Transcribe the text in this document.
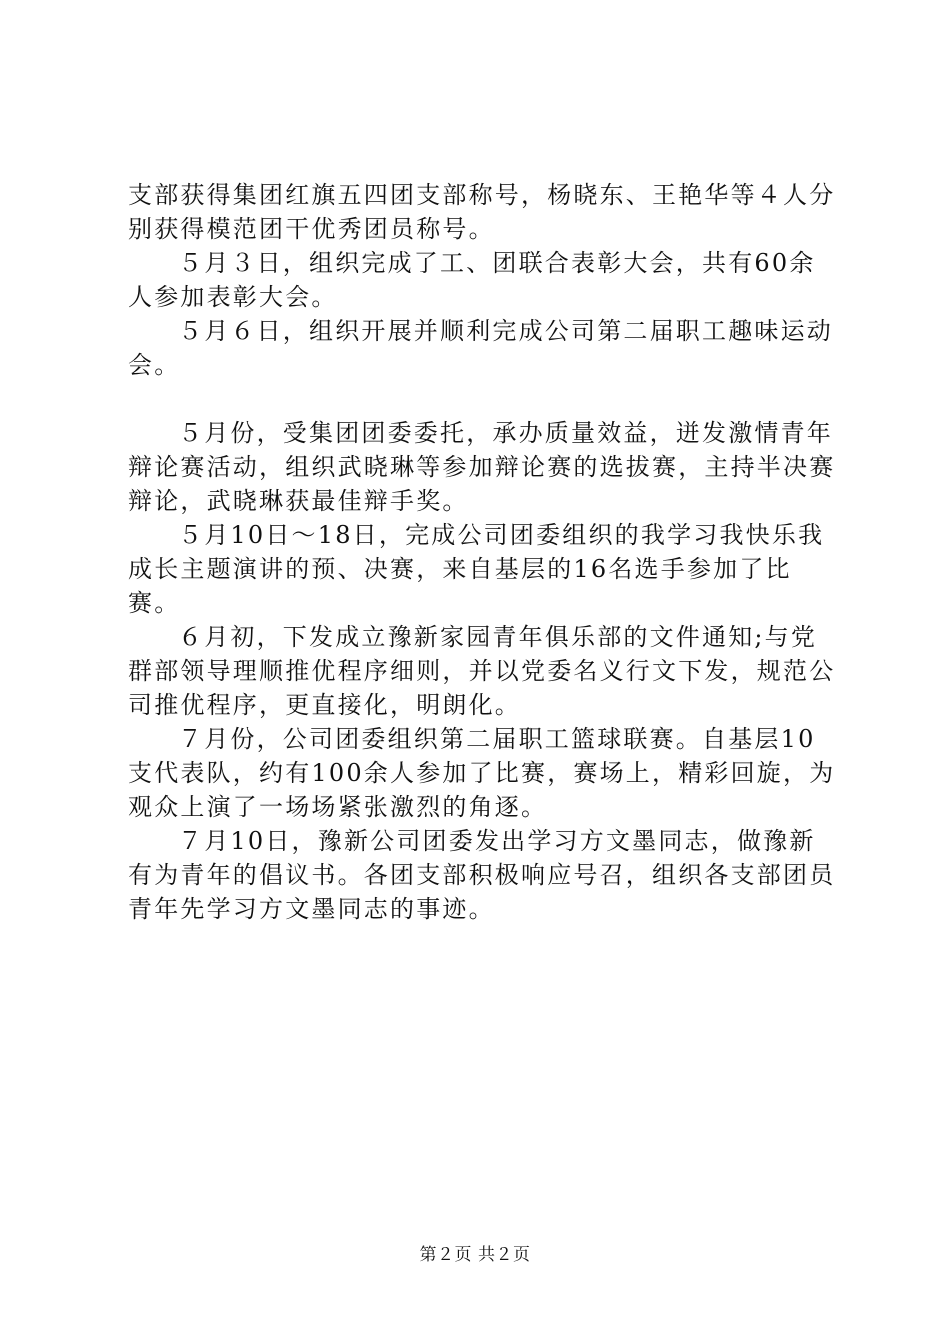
支部获得集团红旗五四团支部称号，杨晓东、王艳华等４人分别获得模范团干优秀团员称号。

５月３日，组织完成了工、团联合表彰大会，共有60余人参加表彰大会。

５月６日，组织开展并顺利完成公司第二届职工趣味运动会。

５月份，受集团团委委托，承办质量效益，迸发激情青年辩论赛活动，组织武晓琳等参加辩论赛的选拔赛，主持半决赛辩论，武晓琳获最佳辩手奖。

５月10日～18日，完成公司团委组织的我学习我快乐我成长主题演讲的预、决赛，来自基层的16名选手参加了比赛。

６月初，下发成立豫新家园青年俱乐部的文件通知;与党群部领导理顺推优程序细则，并以党委名义行文下发，规范公司推优程序，更直接化，明朗化。

７月份，公司团委组织第二届职工篮球联赛。自基层10支代表队，约有100余人参加了比赛，赛场上，精彩回旋，为观众上演了一场场紧张激烈的角逐。

７月10日，豫新公司团委发出学习方文墨同志，做豫新有为青年的倡议书。各团支部积极响应号召，组织各支部团员青年先学习方文墨同志的事迹。

第２页 共２页
